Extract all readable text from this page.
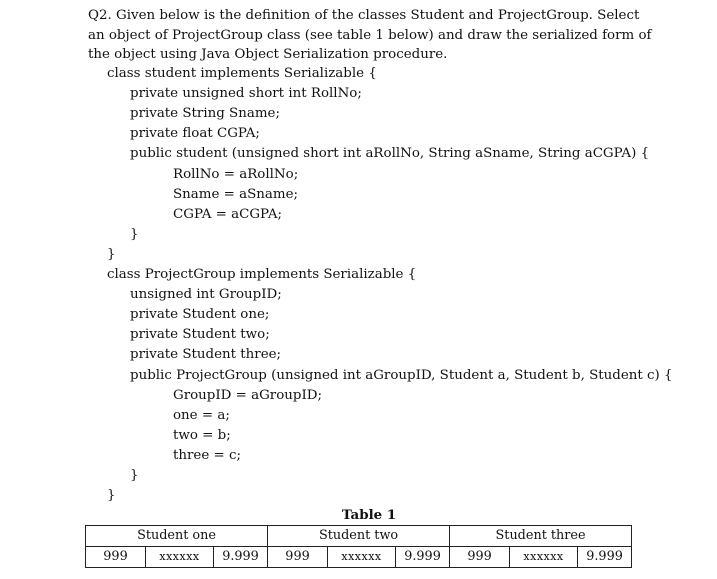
Q2. Given below is the definition of the classes Student and ProjectGroup. Select an object of ProjectGroup class (see table 1 below) and draw the serialized form of the object using Java Object Serialization procedure.
class student implements Serializable {
private unsigned short int RollNo;
private String Sname;
private float CGPA;
public student (unsigned short int aRollNo, String aSname, String aCGPA) {
RollNo = aRollNo;
Sname = aSname;
CGPA = aCGPA;
}
}
class ProjectGroup implements Serializable {
unsigned int GroupID;
private Student one;
private Student two;
private Student three;
public ProjectGroup (unsigned int aGroupID, Student a, Student b, Student c) {
GroupID = aGroupID;
one = a;
two = b;
three = c;
}
}
Table 1
Student one			Student two			Student three		
999	xxxxxx	9.999	999	xxxxxx	9.999	999	xxxxxx	9.999
